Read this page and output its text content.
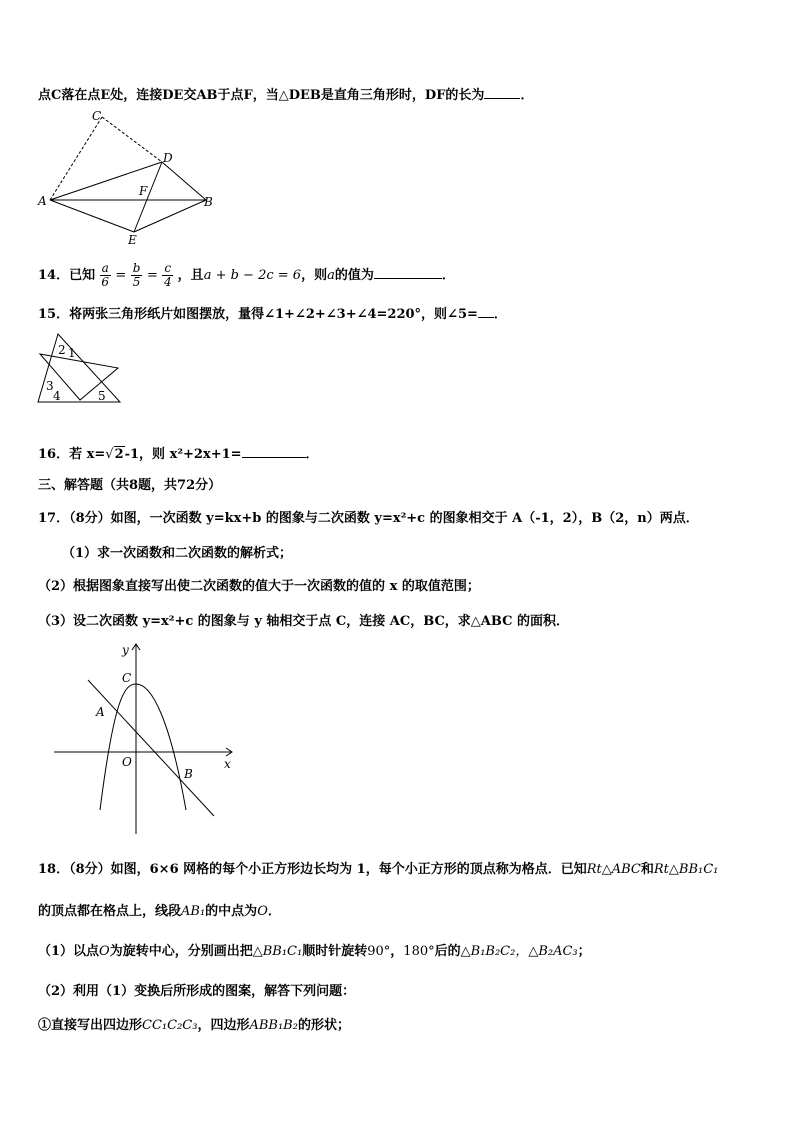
点C落在点E处，连接DE交AB于点F，当△DEB是直角三角形时，DF的长为	．
C
D
A
F
B
E
14．已知 $\frac{a}{6} = \frac{b}{5} = \frac{c}{4}$ ，且a + b − 2c = 6，则a的值为	．
15．将两张三角形纸片如图摆放，量得∠1+∠2+∠3+∠4=220°，则∠5= ．
2 1
3
4	5
16．若 x=√2-1，则 x²+2x+1=	．
三、解答题（共8题，共72分）
17．（8分）如图，一次函数 y=kx+b 的图象与二次函数 y=x²+c 的图象相交于 A（-1，2），B（2，n）两点．
（1）求一次函数和二次函数的解析式；
（2）根据图象直接写出使二次函数的值大于一次函数的值的 x 的取值范围；
（3）设二次函数 y=x²+c 的图象与 y 轴相交于点 C，连接 AC，BC，求△ABC 的面积．
y
x
C
A
O
B
18．（8分）如图，6×6 网格的每个小正方形边长均为 1，每个小正方形的顶点称为格点．已知Rt△ABC和Rt△BB₁C₁
的顶点都在格点上，线段AB₁的中点为O．
（1）以点O为旋转中心，分别画出把△BB₁C₁顺时针旋转90°，180°后的△B₁B₂C₂，△B₂AC₃；
（2）利用（1）变换后所形成的图案，解答下列问题：
①直接写出四边形CC₁C₂C₃，四边形ABB₁B₂的形状；
